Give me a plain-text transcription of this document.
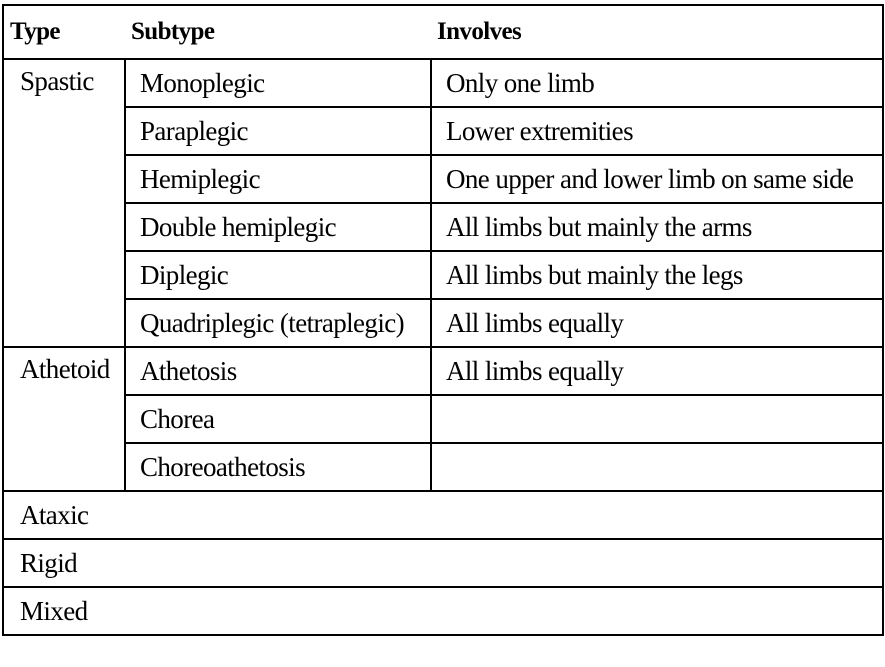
Type	Subtype	Involves
Spastic	Monoplegic	Only one limb
	Paraplegic	Lower extremities
	Hemiplegic	One upper and lower limb on same side
	Double hemiplegic	All limbs but mainly the arms
	Diplegic	All limbs but mainly the legs
	Quadriplegic (tetraplegic)	All limbs equally
Athetoid	Athetosis	All limbs equally
	Chorea	
	Choreoathetosis	
Ataxic		
Rigid		
Mixed		
